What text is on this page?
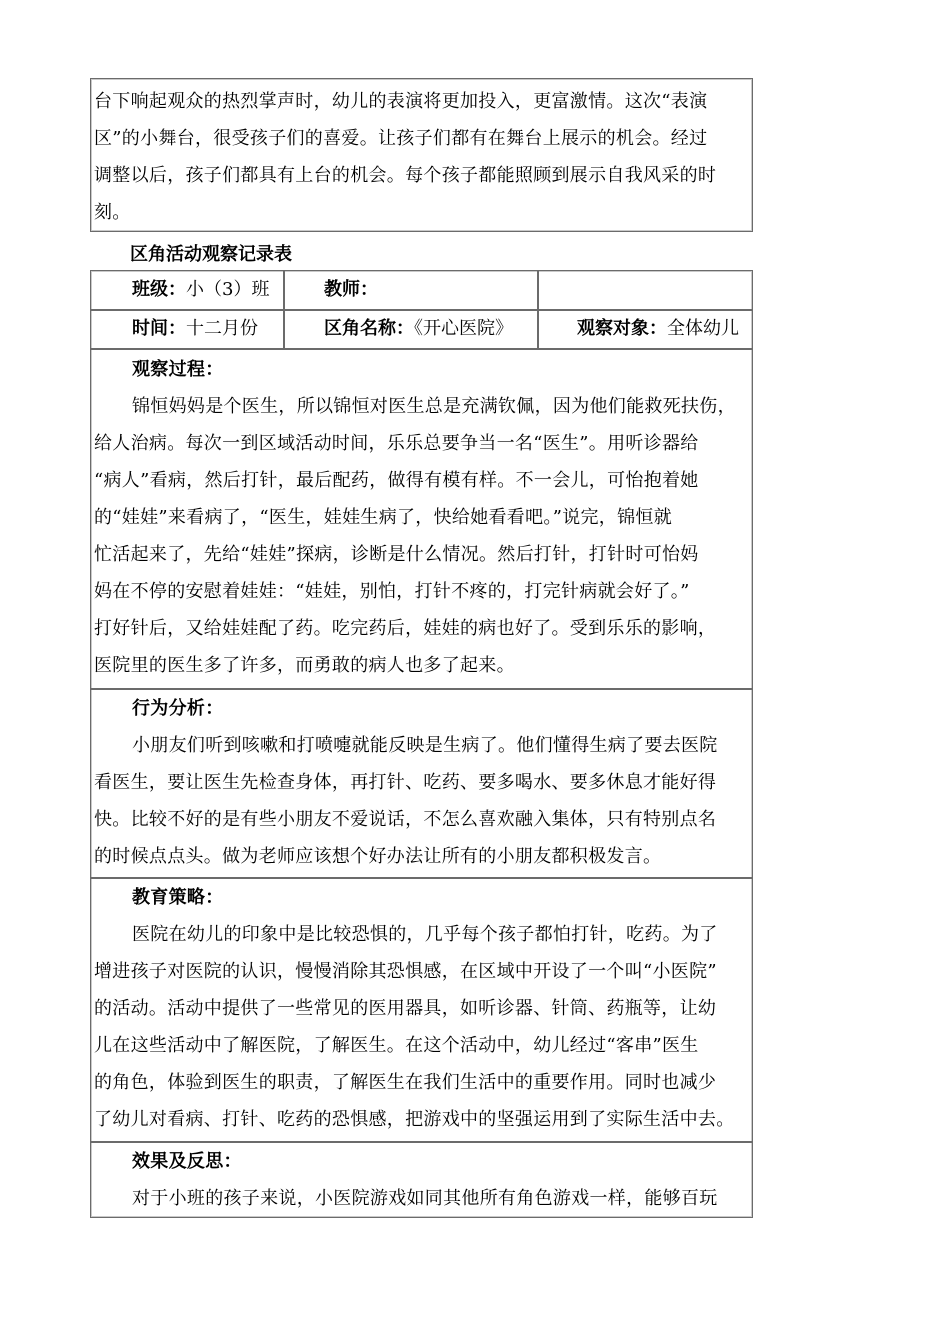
台下响起观众的热烈掌声时，幼儿的表演将更加投入，更富激情。这次“表演
区”的小舞台，很受孩子们的喜爱。让孩子们都有在舞台上展示的机会。经过
调整以后，孩子们都具有上台的机会。每个孩子都能照顾到展示自我风采的时
刻。
区角活动观察记录表
班级：小（3）班	教师：
时间：十二月份	区角名称：《开心医院》	观察对象：全体幼儿
观察过程：
锦恒妈妈是个医生，所以锦恒对医生总是充满钦佩，因为他们能救死扶伤，
给人治病。每次一到区域活动时间，乐乐总要争当一名“医生”。用听诊器给
“病人”看病，然后打针，最后配药，做得有模有样。不一会儿，可怡抱着她
的“娃娃”来看病了，“医生，娃娃生病了，快给她看看吧。”说完，锦恒就
忙活起来了，先给“娃娃”探病，诊断是什么情况。然后打针，打针时可怡妈
妈在不停的安慰着娃娃：“娃娃，别怕，打针不疼的，打完针病就会好了。”
打好针后，又给娃娃配了药。吃完药后，娃娃的病也好了。受到乐乐的影响，
医院里的医生多了许多，而勇敢的病人也多了起来。
行为分析：
小朋友们听到咳嗽和打喷嚏就能反映是生病了。他们懂得生病了要去医院
看医生，要让医生先检查身体，再打针、吃药、要多喝水、要多休息才能好得
快。比较不好的是有些小朋友不爱说话，不怎么喜欢融入集体，只有特别点名
的时候点点头。做为老师应该想个好办法让所有的小朋友都积极发言。
教育策略：
医院在幼儿的印象中是比较恐惧的，几乎每个孩子都怕打针，吃药。为了
增进孩子对医院的认识，慢慢消除其恐惧感，在区域中开设了一个叫“小医院”
的活动。活动中提供了一些常见的医用器具，如听诊器、针筒、药瓶等，让幼
儿在这些活动中了解医院，了解医生。在这个活动中，幼儿经过“客串”医生
的角色，体验到医生的职责，了解医生在我们生活中的重要作用。同时也减少
了幼儿对看病、打针、吃药的恐惧感，把游戏中的坚强运用到了实际生活中去。
效果及反思：
对于小班的孩子来说，小医院游戏如同其他所有角色游戏一样，能够百玩
